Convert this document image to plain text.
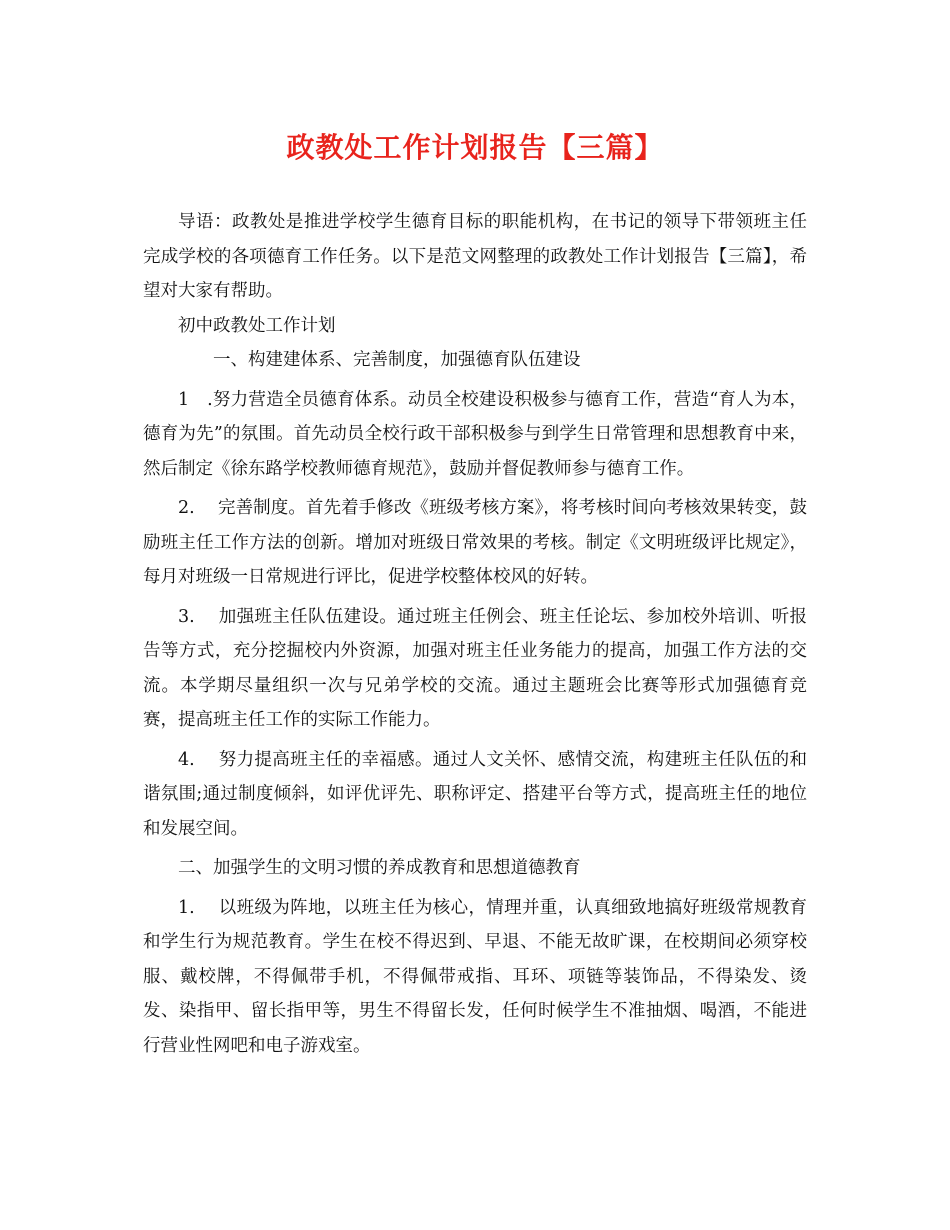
政教处工作计划报告【三篇】

导语：政教处是推进学校学生德育目标的职能机构，在书记的领导下带领班主任完成学校的各项德育工作任务。以下是范文网整理的政教处工作计划报告【三篇】，希望对大家有帮助。

初中政教处工作计划

一、构建建体系、完善制度，加强德育队伍建设

1　.努力营造全员德育体系。动员全校建设积极参与德育工作，营造“育人为本，德育为先”的氛围。首先动员全校行政干部积极参与到学生日常管理和思想教育中来，然后制定《徐东路学校教师德育规范》，鼓励并督促教师参与德育工作。

2.　 完善制度。首先着手修改《班级考核方案》，将考核时间向考核效果转变，鼓励班主任工作方法的创新。增加对班级日常效果的考核。制定《文明班级评比规定》，每月对班级一日常规进行评比，促进学校整体校风的好转。

3.　 加强班主任队伍建设。通过班主任例会、班主任论坛、参加校外培训、听报告等方式，充分挖掘校内外资源，加强对班主任业务能力的提高，加强工作方法的交流。本学期尽量组织一次与兄弟学校的交流。通过主题班会比赛等形式加强德育竞赛，提高班主任工作的实际工作能力。

4.　 努力提高班主任的幸福感。通过人文关怀、感情交流，构建班主任队伍的和谐氛围;通过制度倾斜，如评优评先、职称评定、搭建平台等方式，提高班主任的地位和发展空间。

二、加强学生的文明习惯的养成教育和思想道德教育

1.　 以班级为阵地，以班主任为核心，情理并重，认真细致地搞好班级常规教育和学生行为规范教育。学生在校不得迟到、早退、不能无故旷课，在校期间必须穿校服、戴校牌，不得佩带手机，不得佩带戒指、耳环、项链等装饰品，不得染发、烫发、染指甲、留长指甲等，男生不得留长发，任何时候学生不准抽烟、喝酒，不能进行营业性网吧和电子游戏室。
